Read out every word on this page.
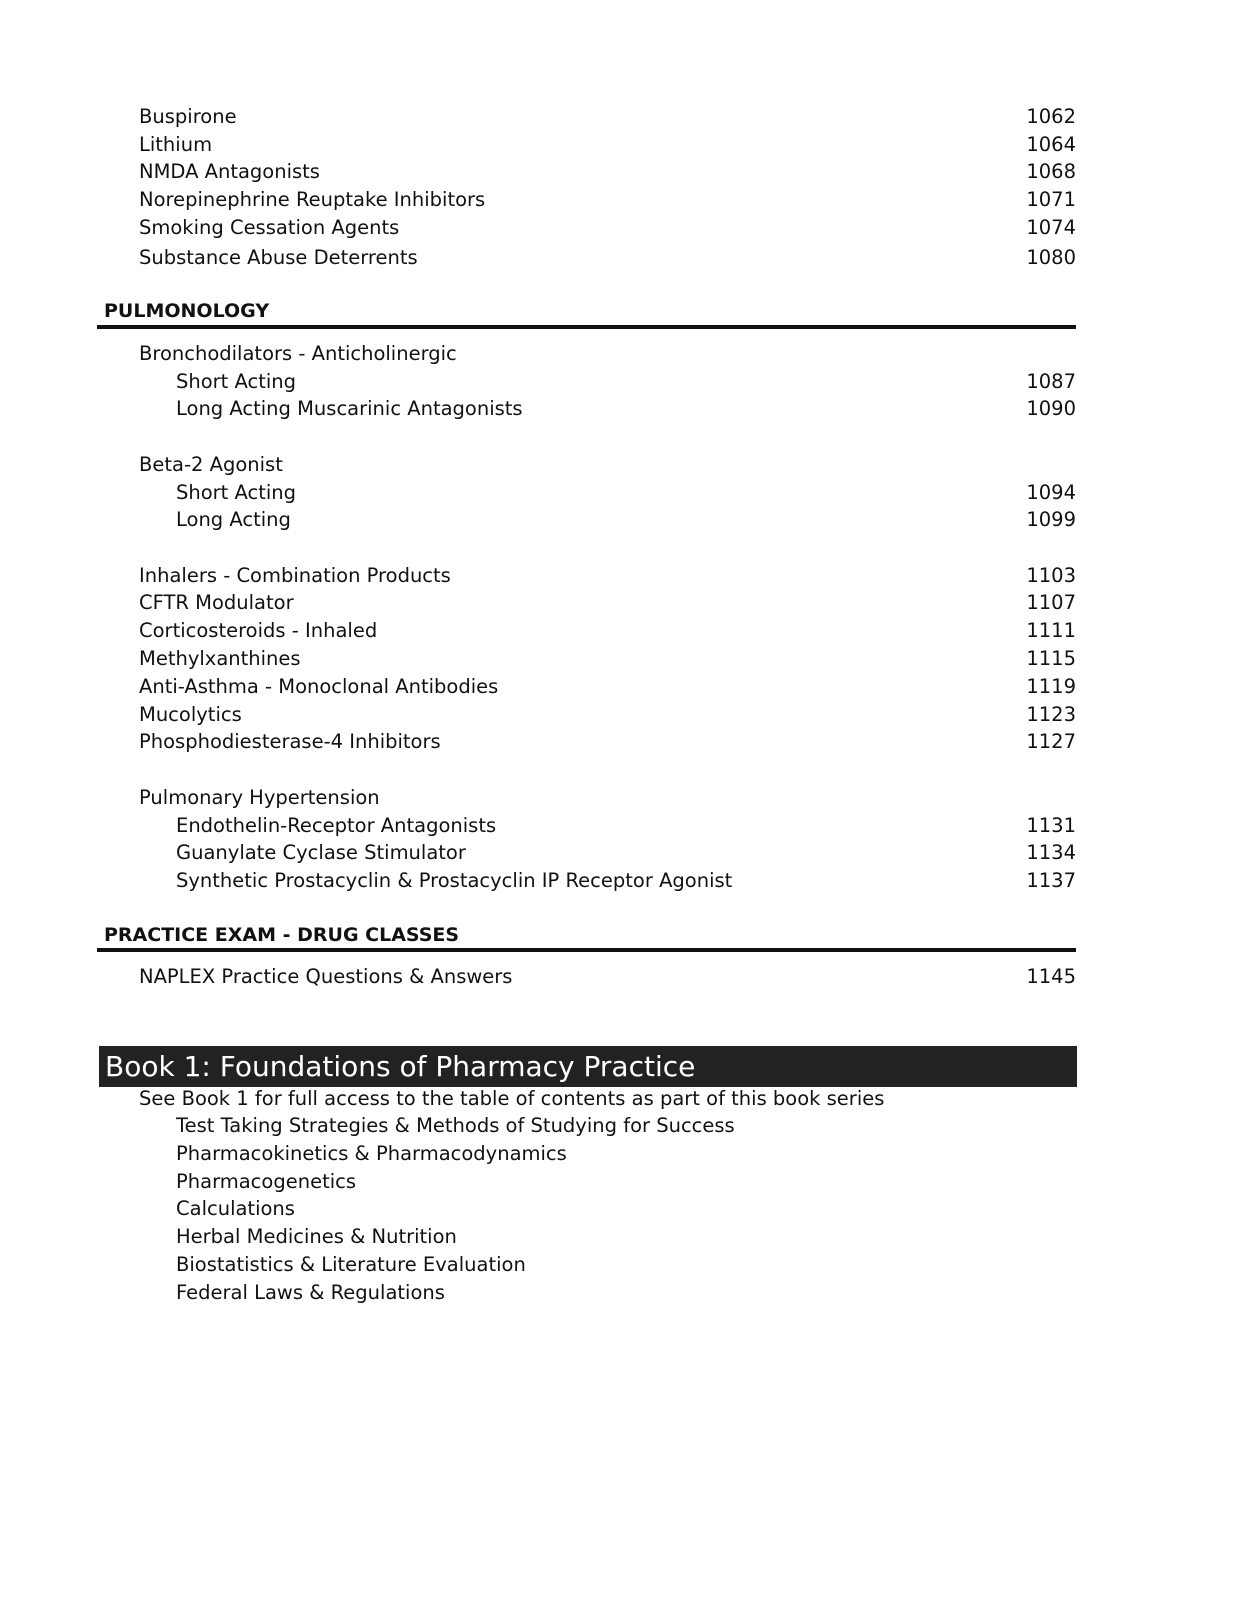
Buspirone	1062
Lithium	1064
NMDA Antagonists	1068
Norepinephrine Reuptake Inhibitors	1071
Smoking Cessation Agents	1074
Substance Abuse Deterrents	1080
PULMONOLOGY
Bronchodilators - Anticholinergic
Short Acting	1087
Long Acting Muscarinic Antagonists	1090
Beta-2 Agonist
Short Acting	1094
Long Acting	1099
Inhalers - Combination Products	1103
CFTR Modulator	1107
Corticosteroids - Inhaled	1111
Methylxanthines	1115
Anti-Asthma - Monoclonal Antibodies	1119
Mucolytics	1123
Phosphodiesterase-4 Inhibitors	1127
Pulmonary Hypertension
Endothelin-Receptor Antagonists	1131
Guanylate Cyclase Stimulator	1134
Synthetic Prostacyclin & Prostacyclin IP Receptor Agonist	1137
PRACTICE EXAM - DRUG CLASSES
NAPLEX Practice Questions & Answers	1145
Book 1: Foundations of Pharmacy Practice
See Book 1 for full access to the table of contents as part of this book series
Test Taking Strategies & Methods of Studying for Success
Pharmacokinetics & Pharmacodynamics
Pharmacogenetics
Calculations
Herbal Medicines & Nutrition
Biostatistics & Literature Evaluation
Federal Laws & Regulations
